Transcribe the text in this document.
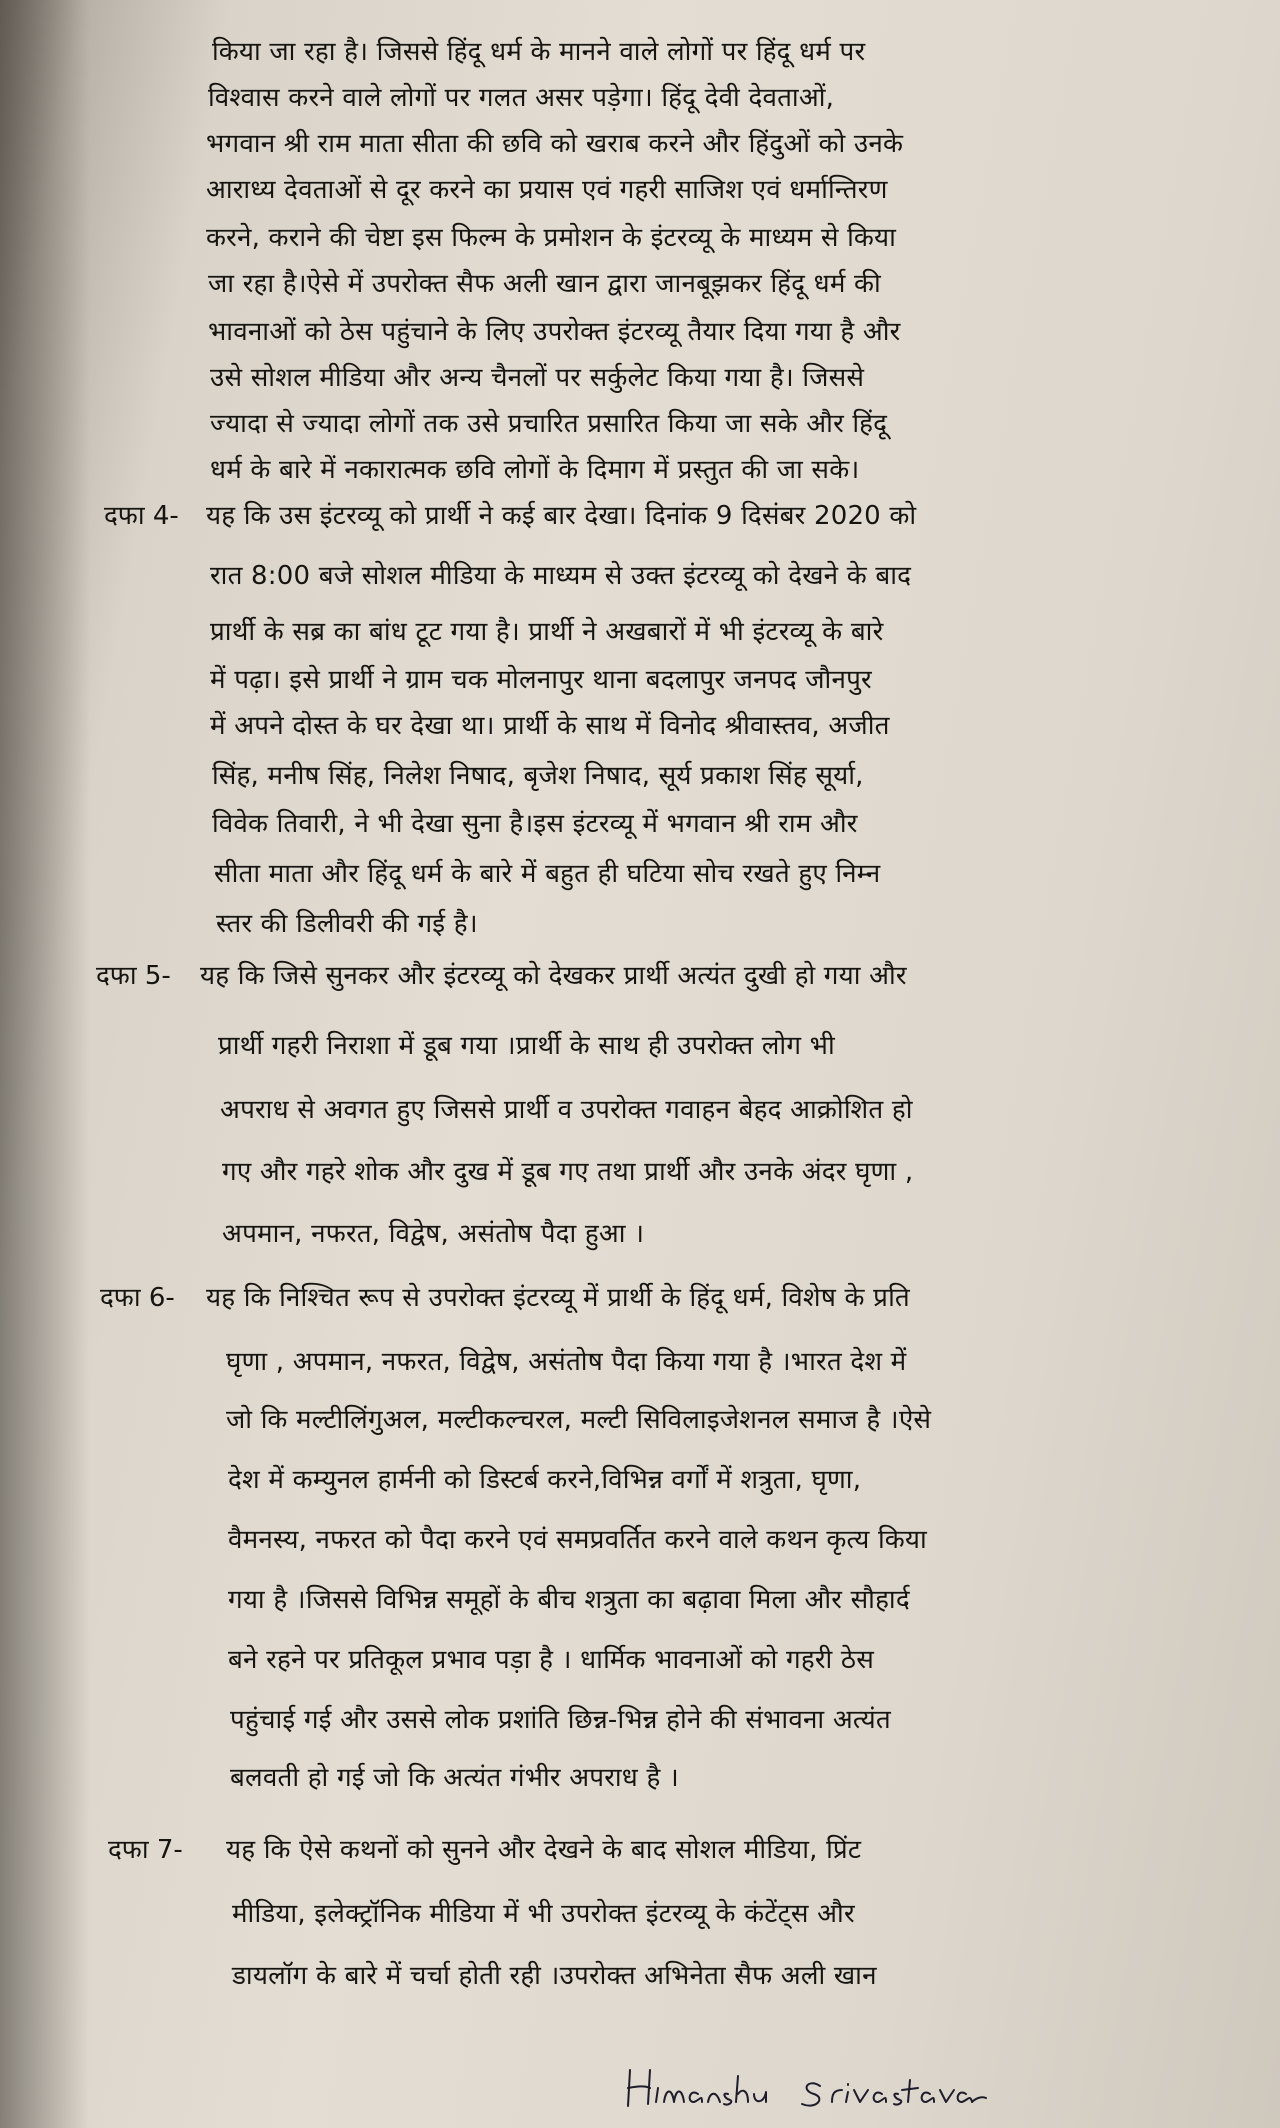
किया जा रहा है। जिससे हिंदू धर्म के मानने वाले लोगों पर हिंदू धर्म पर
विश्वास करने वाले लोगों पर गलत असर पड़ेगा। हिंदू देवी देवताओं,
भगवान श्री राम माता सीता की छवि को खराब करने और हिंदुओं को उनके
आराध्य देवताओं से दूर करने का प्रयास एवं गहरी साजिश एवं धर्मान्तिरण
करने, कराने की चेष्टा इस फिल्म के प्रमोशन के इंटरव्यू के माध्यम से किया
जा रहा है।ऐसे में उपरोक्त सैफ अली खान द्वारा जानबूझकर हिंदू धर्म की
भावनाओं को ठेस पहुंचाने के लिए उपरोक्त इंटरव्यू तैयार दिया गया है और
उसे सोशल मीडिया और अन्य चैनलों पर सर्कुलेट किया गया है। जिससे
ज्यादा से ज्यादा लोगों तक उसे प्रचारित प्रसारित किया जा सके और हिंदू
धर्म के बारे में नकारात्मक छवि लोगों के दिमाग में प्रस्तुत की जा सके।
दफा 4- यह कि उस इंटरव्यू को प्रार्थी ने कई बार देखा। दिनांक 9 दिसंबर 2020 को
रात 8:00 बजे सोशल मीडिया के माध्यम से उक्त इंटरव्यू को देखने के बाद
प्रार्थी के सब्र का बांध टूट गया है। प्रार्थी ने अखबारों में भी इंटरव्यू के बारे
में पढ़ा। इसे प्रार्थी ने ग्राम चक मोलनापुर थाना बदलापुर जनपद जौनपुर
में अपने दोस्त के घर देखा था। प्रार्थी के साथ में विनोद श्रीवास्तव, अजीत
सिंह, मनीष सिंह, निलेश निषाद, बृजेश निषाद, सूर्य प्रकाश सिंह सूर्या,
विवेक तिवारी, ने भी देखा सुना है।इस इंटरव्यू में भगवान श्री राम और
सीता माता और हिंदू धर्म के बारे में बहुत ही घटिया सोच रखते हुए निम्न
स्तर की डिलीवरी की गई है।
दफा 5- यह कि जिसे सुनकर और इंटरव्यू को देखकर प्रार्थी अत्यंत दुखी हो गया और
प्रार्थी गहरी निराशा में डूब गया ।प्रार्थी के साथ ही उपरोक्त लोग भी
अपराध से अवगत हुए जिससे प्रार्थी व उपरोक्त गवाहन बेहद आक्रोशित हो
गए और गहरे शोक और दुख में डूब गए तथा प्रार्थी और उनके अंदर घृणा ,
अपमान, नफरत, विद्वेष, असंतोष पैदा हुआ ।
दफा 6- यह कि निश्चित रूप से उपरोक्त इंटरव्यू में प्रार्थी के हिंदू धर्म, विशेष के प्रति
घृणा , अपमान, नफरत, विद्वेष, असंतोष पैदा किया गया है ।भारत देश में
जो कि मल्टीलिंगुअल, मल्टीकल्चरल, मल्टी सिविलाइजेशनल समाज है ।ऐसे
देश में कम्युनल हार्मनी को डिस्टर्ब करने,विभिन्न वर्गों में शत्रुता, घृणा,
वैमनस्य, नफरत को पैदा करने एवं समप्रवर्तित करने वाले कथन कृत्य किया
गया है ।जिससे विभिन्न समूहों के बीच शत्रुता का बढ़ावा मिला और सौहार्द
बने रहने पर प्रतिकूल प्रभाव पड़ा है । धार्मिक भावनाओं को गहरी ठेस
पहुंचाई गई और उससे लोक प्रशांति छिन्न-भिन्न होने की संभावना अत्यंत
बलवती हो गई जो कि अत्यंत गंभीर अपराध है ।
दफा 7- यह कि ऐसे कथनों को सुनने और देखने के बाद सोशल मीडिया, प्रिंट
मीडिया, इलेक्ट्रॉनिक मीडिया में भी उपरोक्त इंटरव्यू के कंटेंट्स और
डायलॉग के बारे में चर्चा होती रही ।उपरोक्त अभिनेता सैफ अली खान
